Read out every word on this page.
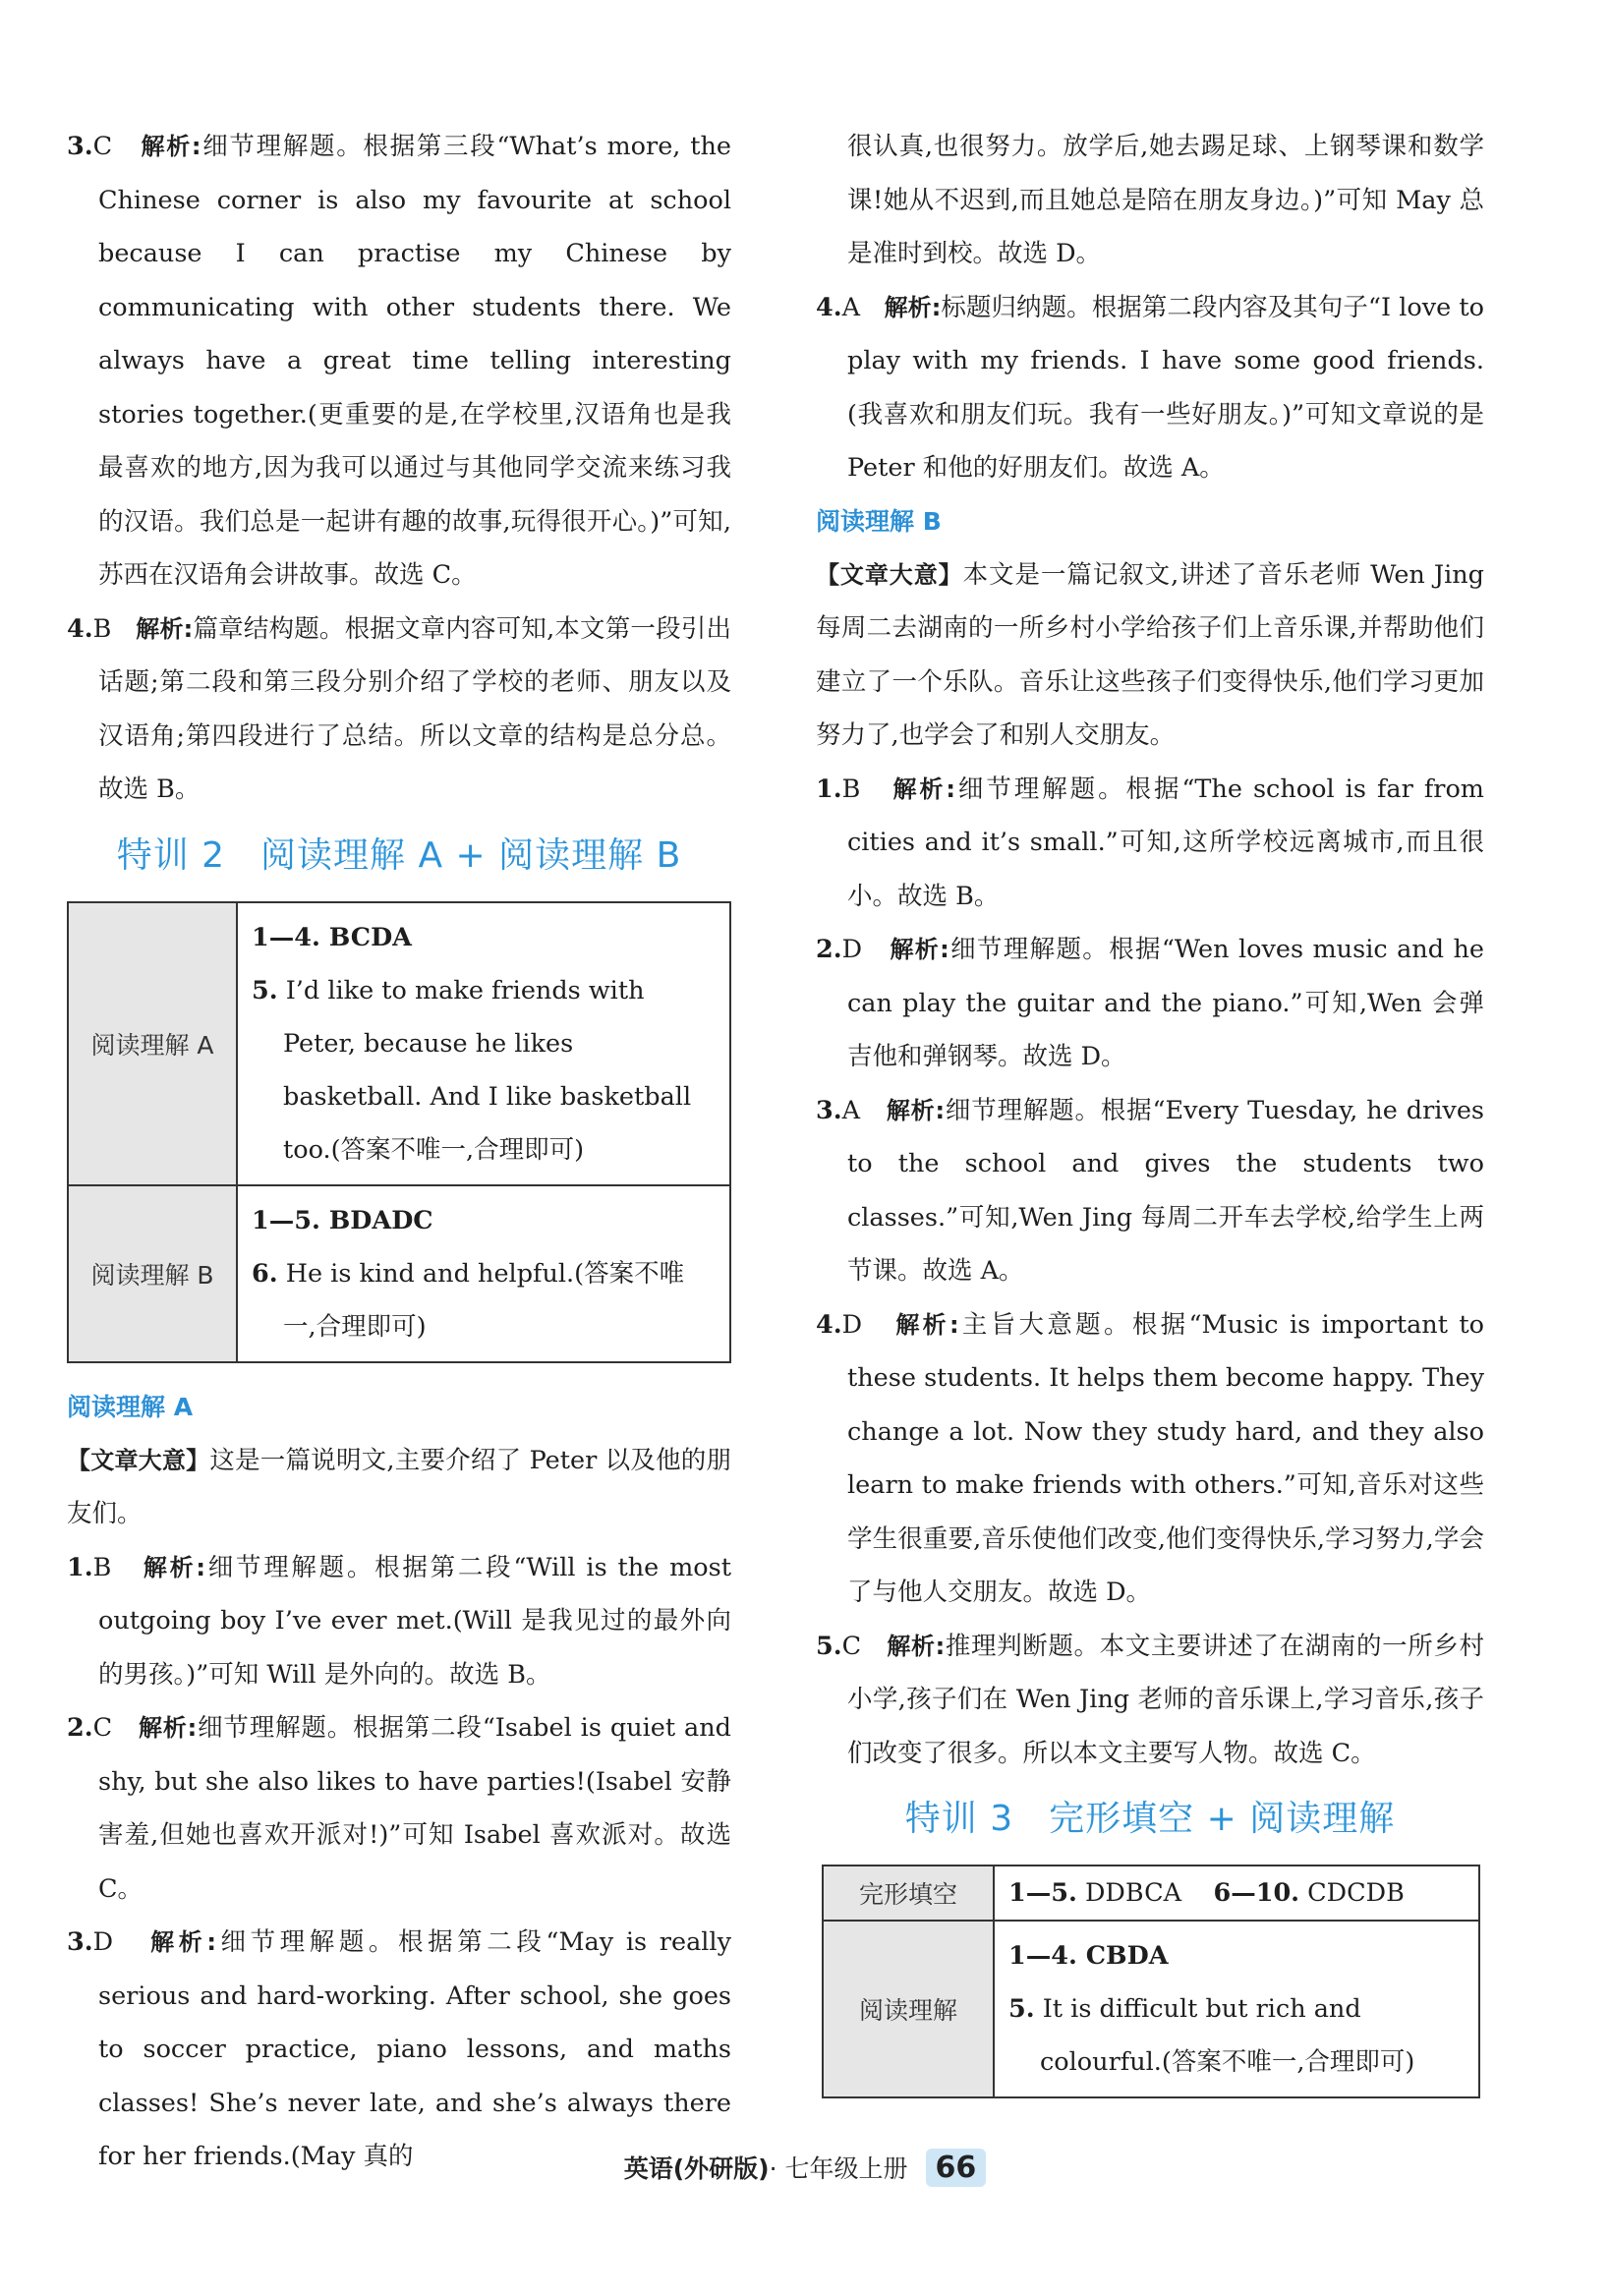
3.C 解析:细节理解题。根据第三段“What’s more, the Chinese corner is also my favourite at school because I can practise my Chinese by communicating with other students there. We always have a great time telling interesting stories together.(更重要的是,在学校里,汉语角也是我最喜欢的地方,因为我可以通过与其他同学交流来练习我的汉语。我们总是一起讲有趣的故事,玩得很开心。)”可知,苏西在汉语角会讲故事。故选 C。

4.B 解析:篇章结构题。根据文章内容可知,本文第一段引出话题;第二段和第三段分别介绍了学校的老师、朋友以及汉语角;第四段进行了总结。所以文章的结构是总分总。故选 B。

特训 2 阅读理解 A + 阅读理解 B
阅读理解 A	1—4. BCDA
5. I’d like to make friends with Peter, because he likes basketball. And I like basketball too.(答案不唯一,合理即可)

阅读理解 B	1—5. BDADC
6. He is kind and helpful.(答案不唯一,合理即可)

阅读理解 A

【文章大意】这是一篇说明文,主要介绍了 Peter 以及他的朋友们。

1.B 解析:细节理解题。根据第二段“Will is the most outgoing boy I’ve ever met.(Will 是我见过的最外向的男孩。)”可知 Will 是外向的。故选 B。

2.C 解析:细节理解题。根据第二段“Isabel is quiet and shy, but she also likes to have parties!(Isabel 安静害羞,但她也喜欢开派对!)”可知 Isabel 喜欢派对。故选 C。

3.D 解析:细节理解题。根据第二段“May is really serious and hard-working. After school, she goes to soccer practice, piano lessons, and maths classes! She’s never late, and she’s always there for her friends.(May 真的

很认真,也很努力。放学后,她去踢足球、上钢琴课和数学课!她从不迟到,而且她总是陪在朋友身边。)”可知 May 总是准时到校。故选 D。

4.A 解析:标题归纳题。根据第二段内容及其句子“I love to play with my friends. I have some good friends.(我喜欢和朋友们玩。我有一些好朋友。)”可知文章说的是 Peter 和他的好朋友们。故选 A。

阅读理解 B

【文章大意】本文是一篇记叙文,讲述了音乐老师 Wen Jing 每周二去湖南的一所乡村小学给孩子们上音乐课,并帮助他们建立了一个乐队。音乐让这些孩子们变得快乐,他们学习更加努力了,也学会了和别人交朋友。

1.B 解析:细节理解题。根据“The school is far from cities and it’s small.”可知,这所学校远离城市,而且很小。故选 B。

2.D 解析:细节理解题。根据“Wen loves music and he can play the guitar and the piano.”可知,Wen 会弹吉他和弹钢琴。故选 D。

3.A 解析:细节理解题。根据“Every Tuesday, he drives to the school and gives the students two classes.”可知,Wen Jing 每周二开车去学校,给学生上两节课。故选 A。

4.D 解析:主旨大意题。根据“Music is important to these students. It helps them become happy. They change a lot. Now they study hard, and they also learn to make friends with others.”可知,音乐对这些学生很重要,音乐使他们改变,他们变得快乐,学习努力,学会了与他人交朋友。故选 D。

5.C 解析:推理判断题。本文主要讲述了在湖南的一所乡村小学,孩子们在 Wen Jing 老师的音乐课上,学习音乐,孩子们改变了很多。所以本文主要写人物。故选 C。

特训 3 完形填空 + 阅读理解
完形填空	1—5. DDBCA 6—10. CDCDB
阅读理解	1—4. CBDA
5. It is difficult but rich and colourful.(答案不唯一,合理即可)
英语(外研版)· 七年级上册 66
